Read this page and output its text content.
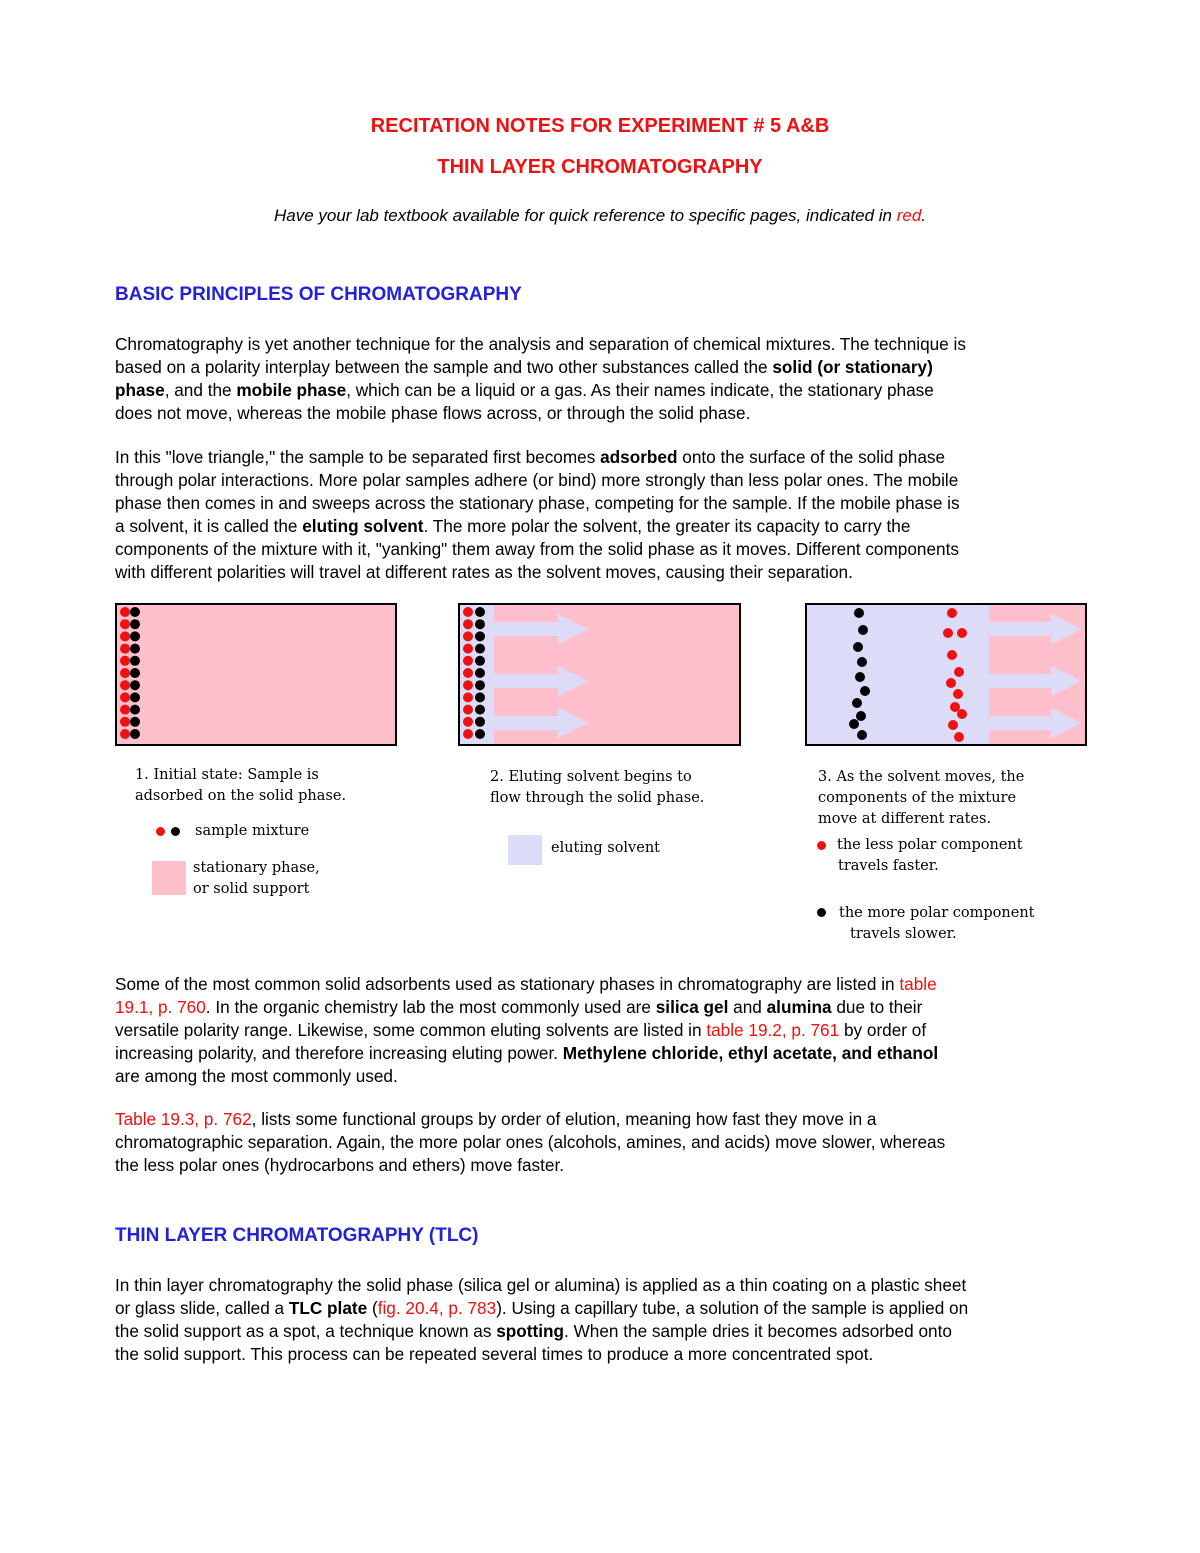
RECITATION NOTES FOR EXPERIMENT # 5 A&B
THIN LAYER CHROMATOGRAPHY
Have your lab textbook available for quick reference to specific pages, indicated in red.
BASIC PRINCIPLES OF CHROMATOGRAPHY
Chromatography is yet another technique for the analysis and separation of chemical mixtures. The technique is
based on a polarity interplay between the sample and two other substances called the solid (or stationary)
phase, and the mobile phase, which can be a liquid or a gas. As their names indicate, the stationary phase
does not move, whereas the mobile phase flows across, or through the solid phase.
In this "love triangle," the sample to be separated first becomes adsorbed onto the surface of the solid phase
through polar interactions. More polar samples adhere (or bind) more strongly than less polar ones. The mobile
phase then comes in and sweeps across the stationary phase, competing for the sample. If the mobile phase is
a solvent, it is called the eluting solvent. The more polar the solvent, the greater its capacity to carry the
components of the mixture with it, "yanking" them away from the solid phase as it moves. Different components
with different polarities will travel at different rates as the solvent moves, causing their separation.
1. Initial state: Sample is
adsorbed on the solid phase.
sample mixture
stationary phase,
or solid support
2. Eluting solvent begins to
flow through the solid phase.
eluting solvent
3. As the solvent moves, the
components of the mixture
move at different rates.
the less polar component
travels faster.
the more polar component
travels slower.
Some of the most common solid adsorbents used as stationary phases in chromatography are listed in table
19.1, p. 760. In the organic chemistry lab the most commonly used are silica gel and alumina due to their
versatile polarity range. Likewise, some common eluting solvents are listed in table 19.2, p. 761 by order of
increasing polarity, and therefore increasing eluting power. Methylene chloride, ethyl acetate, and ethanol
are among the most commonly used.
Table 19.3, p. 762, lists some functional groups by order of elution, meaning how fast they move in a
chromatographic separation. Again, the more polar ones (alcohols, amines, and acids) move slower, whereas
the less polar ones (hydrocarbons and ethers) move faster.
THIN LAYER CHROMATOGRAPHY (TLC)
In thin layer chromatography the solid phase (silica gel or alumina) is applied as a thin coating on a plastic sheet
or glass slide, called a TLC plate (fig. 20.4, p. 783). Using a capillary tube, a solution of the sample is applied on
the solid support as a spot, a technique known as spotting. When the sample dries it becomes adsorbed onto
the solid support. This process can be repeated several times to produce a more concentrated spot.
